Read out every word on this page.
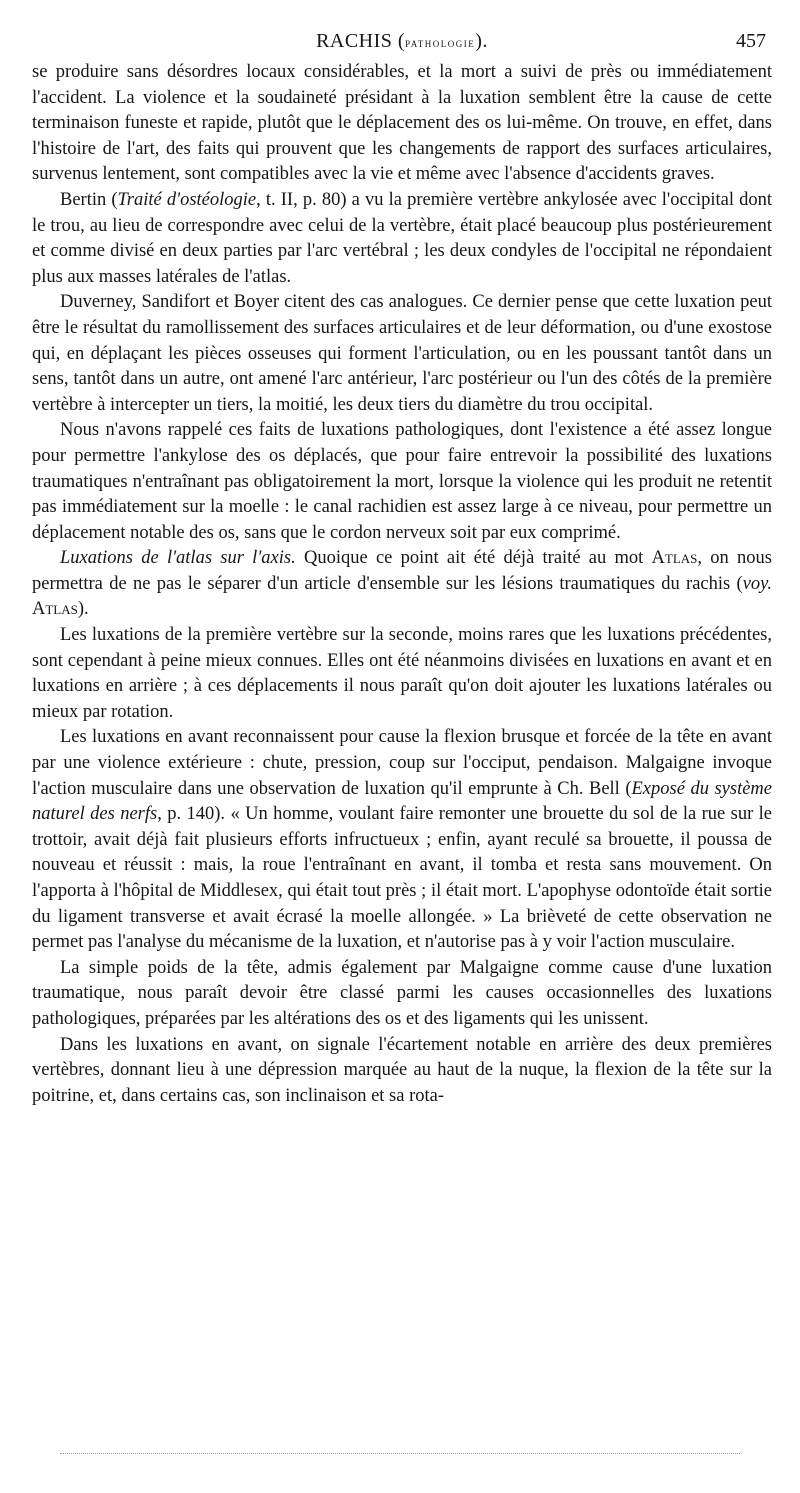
RACHIS (pathologie).	457

se produire sans désordres locaux considérables, et la mort a suivi de près ou immédiatement l'accident. La violence et la soudaineté présidant à la luxation semblent être la cause de cette terminaison funeste et rapide, plutôt que le déplacement des os lui-même. On trouve, en effet, dans l'histoire de l'art, des faits qui prouvent que les changements de rapport des surfaces articulaires, survenus lentement, sont compatibles avec la vie et même avec l'absence d'accidents graves.

Bertin (Traité d'ostéologie, t. II, p. 80) a vu la première vertèbre ankylosée avec l'occipital dont le trou, au lieu de correspondre avec celui de la vertèbre, était placé beaucoup plus postérieurement et comme divisé en deux parties par l'arc vertébral ; les deux condyles de l'occipital ne répondaient plus aux masses latérales de l'atlas.

Duverney, Sandifort et Boyer citent des cas analogues. Ce dernier pense que cette luxation peut être le résultat du ramollissement des surfaces articulaires et de leur déformation, ou d'une exostose qui, en déplaçant les pièces osseuses qui forment l'articulation, ou en les poussant tantôt dans un sens, tantôt dans un autre, ont amené l'arc antérieur, l'arc postérieur ou l'un des côtés de la première vertèbre à intercepter un tiers, la moitié, les deux tiers du diamètre du trou occipital.

Nous n'avons rappelé ces faits de luxations pathologiques, dont l'existence a été assez longue pour permettre l'ankylose des os déplacés, que pour faire entrevoir la possibilité des luxations traumatiques n'entraînant pas obligatoirement la mort, lorsque la violence qui les produit ne retentit pas immédiatement sur la moelle : le canal rachidien est assez large à ce niveau, pour permettre un déplacement notable des os, sans que le cordon nerveux soit par eux comprimé.

Luxations de l'atlas sur l'axis. Quoique ce point ait été déjà traité au mot Atlas, on nous permettra de ne pas le séparer d'un article d'ensemble sur les lésions traumatiques du rachis (voy. Atlas).

Les luxations de la première vertèbre sur la seconde, moins rares que les luxations précédentes, sont cependant à peine mieux connues. Elles ont été néanmoins divisées en luxations en avant et en luxations en arrière ; à ces déplacements il nous paraît qu'on doit ajouter les luxations latérales ou mieux par rotation.

Les luxations en avant reconnaissent pour cause la flexion brusque et forcée de la tête en avant par une violence extérieure : chute, pression, coup sur l'occiput, pendaison. Malgaigne invoque l'action musculaire dans une observation de luxation qu'il emprunte à Ch. Bell (Exposé du système naturel des nerfs, p. 140). « Un homme, voulant faire remonter une brouette du sol de la rue sur le trottoir, avait déjà fait plusieurs efforts infructueux ; enfin, ayant reculé sa brouette, il poussa de nouveau et réussit : mais, la roue l'entraînant en avant, il tomba et resta sans mouvement. On l'apporta à l'hôpital de Middlesex, qui était tout près ; il était mort. L'apophyse odontoïde était sortie du ligament transverse et avait écrasé la moelle allongée. » La brièveté de cette observation ne permet pas l'analyse du mécanisme de la luxation, et n'autorise pas à y voir l'action musculaire.

La simple poids de la tête, admis également par Malgaigne comme cause d'une luxation traumatique, nous paraît devoir être classé parmi les causes occasionnelles des luxations pathologiques, préparées par les altérations des os et des ligaments qui les unissent.

Dans les luxations en avant, on signale l'écartement notable en arrière des deux premières vertèbres, donnant lieu à une dépression marquée au haut de la nuque, la flexion de la tête sur la poitrine, et, dans certains cas, son inclinaison et sa rota-
